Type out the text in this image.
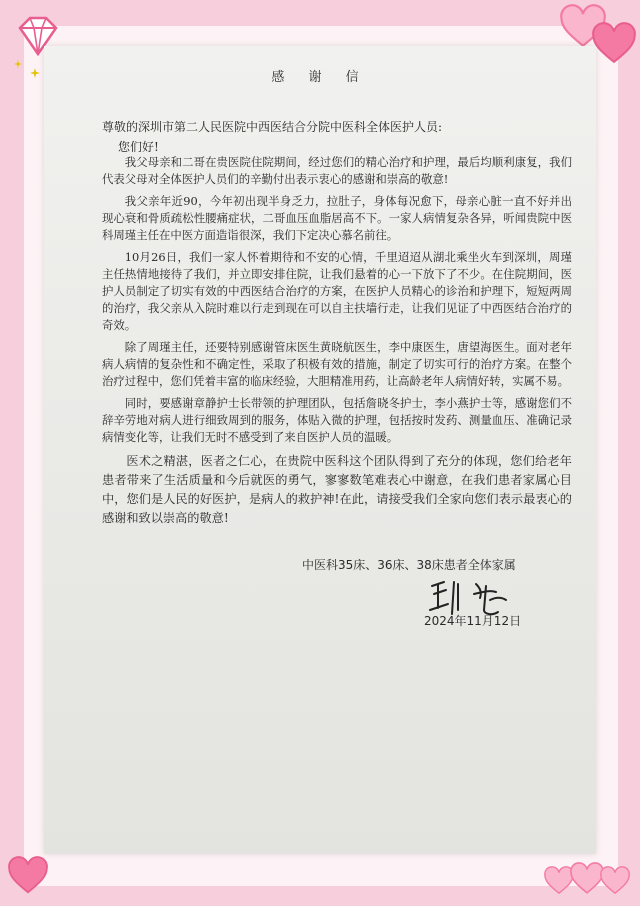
感 谢 信
尊敬的深圳市第二人民医院中西医结合分院中医科全体医护人员:
您们好!

我父母亲和二哥在贵医院住院期间，经过您们的精心治疗和护理，最后均顺利康复，我们代表父母对全体医护人员们的辛勤付出表示衷心的感谢和崇高的敬意!

我父亲年近90，今年初出现半身乏力，拉肚子，身体每况愈下，母亲心脏一直不好并出现心衰和骨质疏松性腰痛症状，二哥血压血脂居高不下。一家人病情复杂各异，听闻贵院中医科周瑾主任在中医方面造诣很深，我们下定决心慕名前往。

10月26日，我们一家人怀着期待和不安的心情，千里迢迢从湖北乘坐火车到深圳，周瑾主任热情地接待了我们，并立即安排住院，让我们悬着的心一下放下了不少。在住院期间，医护人员制定了切实有效的中西医结合治疗的方案，在医护人员精心的诊治和护理下，短短两周的治疗，我父亲从入院时难以行走到现在可以自主扶墙行走，让我们见证了中西医结合治疗的奇效。

除了周瑾主任，还要特别感谢管床医生黄晓航医生，李中康医生，唐望海医生。面对老年病人病情的复杂性和不确定性，采取了积极有效的措施，制定了切实可行的治疗方案。在整个治疗过程中，您们凭着丰富的临床经验，大胆精准用药，让高龄老年人病情好转，实属不易。

同时，要感谢章静护士长带领的护理团队，包括詹晓冬护士，李小燕护士等，感谢您们不辞辛劳地对病人进行细致周到的服务，体贴入微的护理，包括按时发药、测量血压、准确记录病情变化等，让我们无时不感受到了来自医护人员的温暖。

医术之精湛，医者之仁心，在贵院中医科这个团队得到了充分的体现，您们给老年患者带来了生活质量和今后就医的勇气，寥寥数笔难表心中谢意，在我们患者家属心目中，您们是人民的好医护，是病人的救护神!在此，请接受我们全家向您们表示最衷心的感谢和致以崇高的敬意!

中医科35床、36床、38床患者全体家属
2024年11月12日
